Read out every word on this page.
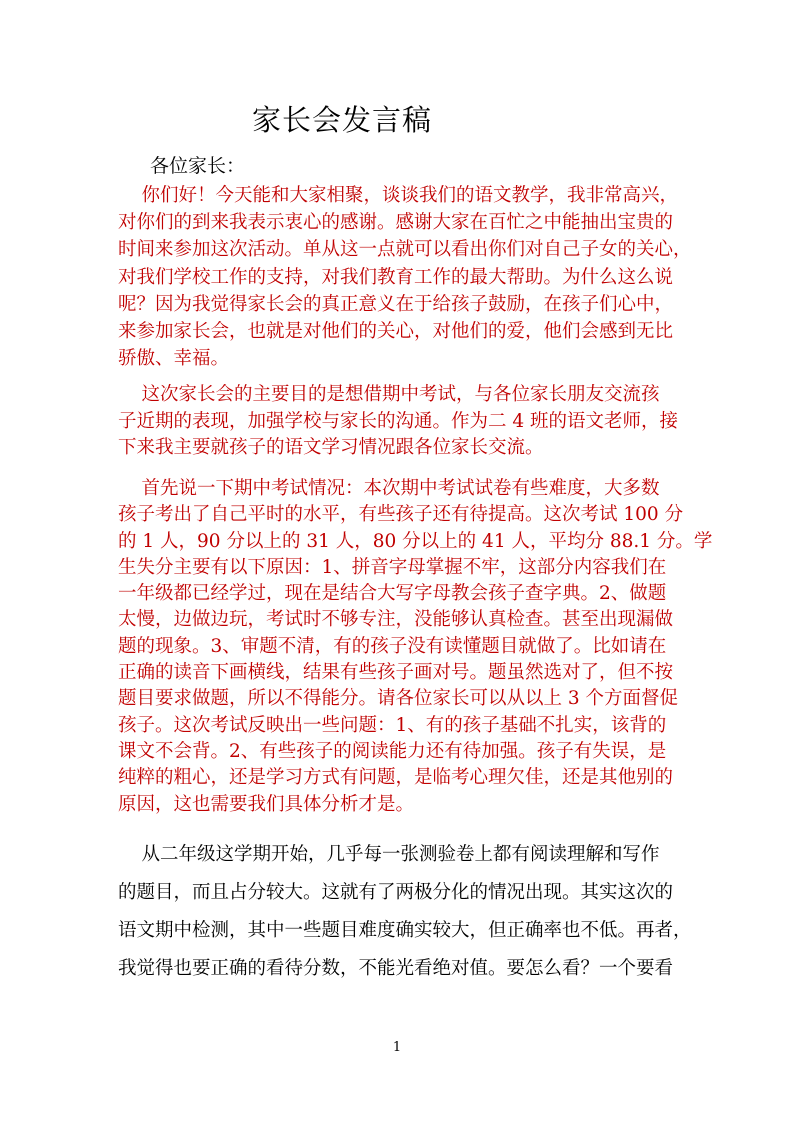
家长会发言稿
各位家长：
你们好！今天能和大家相聚，谈谈我们的语文教学，我非常高兴，
对你们的到来我表示衷心的感谢。感谢大家在百忙之中能抽出宝贵的
时间来参加这次活动。单从这一点就可以看出你们对自己子女的关心，
对我们学校工作的支持，对我们教育工作的最大帮助。为什么这么说
呢？因为我觉得家长会的真正意义在于给孩子鼓励，在孩子们心中，
来参加家长会，也就是对他们的关心，对他们的爱，他们会感到无比
骄傲、幸福。
这次家长会的主要目的是想借期中考试，与各位家长朋友交流孩
子近期的表现，加强学校与家长的沟通。作为二 4 班的语文老师，接
下来我主要就孩子的语文学习情况跟各位家长交流。
首先说一下期中考试情况：本次期中考试试卷有些难度，大多数
孩子考出了自己平时的水平，有些孩子还有待提高。这次考试 100 分
的 1 人，90 分以上的 31 人，80 分以上的 41 人，平均分 88.1 分。学
生失分主要有以下原因：1、拼音字母掌握不牢，这部分内容我们在
一年级都已经学过，现在是结合大写字母教会孩子查字典。2、做题
太慢，边做边玩，考试时不够专注，没能够认真检查。甚至出现漏做
题的现象。3、审题不清，有的孩子没有读懂题目就做了。比如请在
正确的读音下画横线，结果有些孩子画对号。题虽然选对了，但不按
题目要求做题，所以不得能分。请各位家长可以从以上 3 个方面督促
孩子。这次考试反映出一些问题：1、有的孩子基础不扎实，该背的
课文不会背。2、有些孩子的阅读能力还有待加强。孩子有失误，是
纯粹的粗心，还是学习方式有问题，是临考心理欠佳，还是其他别的
原因，这也需要我们具体分析才是。
从二年级这学期开始，几乎每一张测验卷上都有阅读理解和写作
的题目，而且占分较大。这就有了两极分化的情况出现。其实这次的
语文期中检测，其中一些题目难度确实较大，但正确率也不低。再者，
我觉得也要正确的看待分数，不能光看绝对值。要怎么看？一个要看
1
